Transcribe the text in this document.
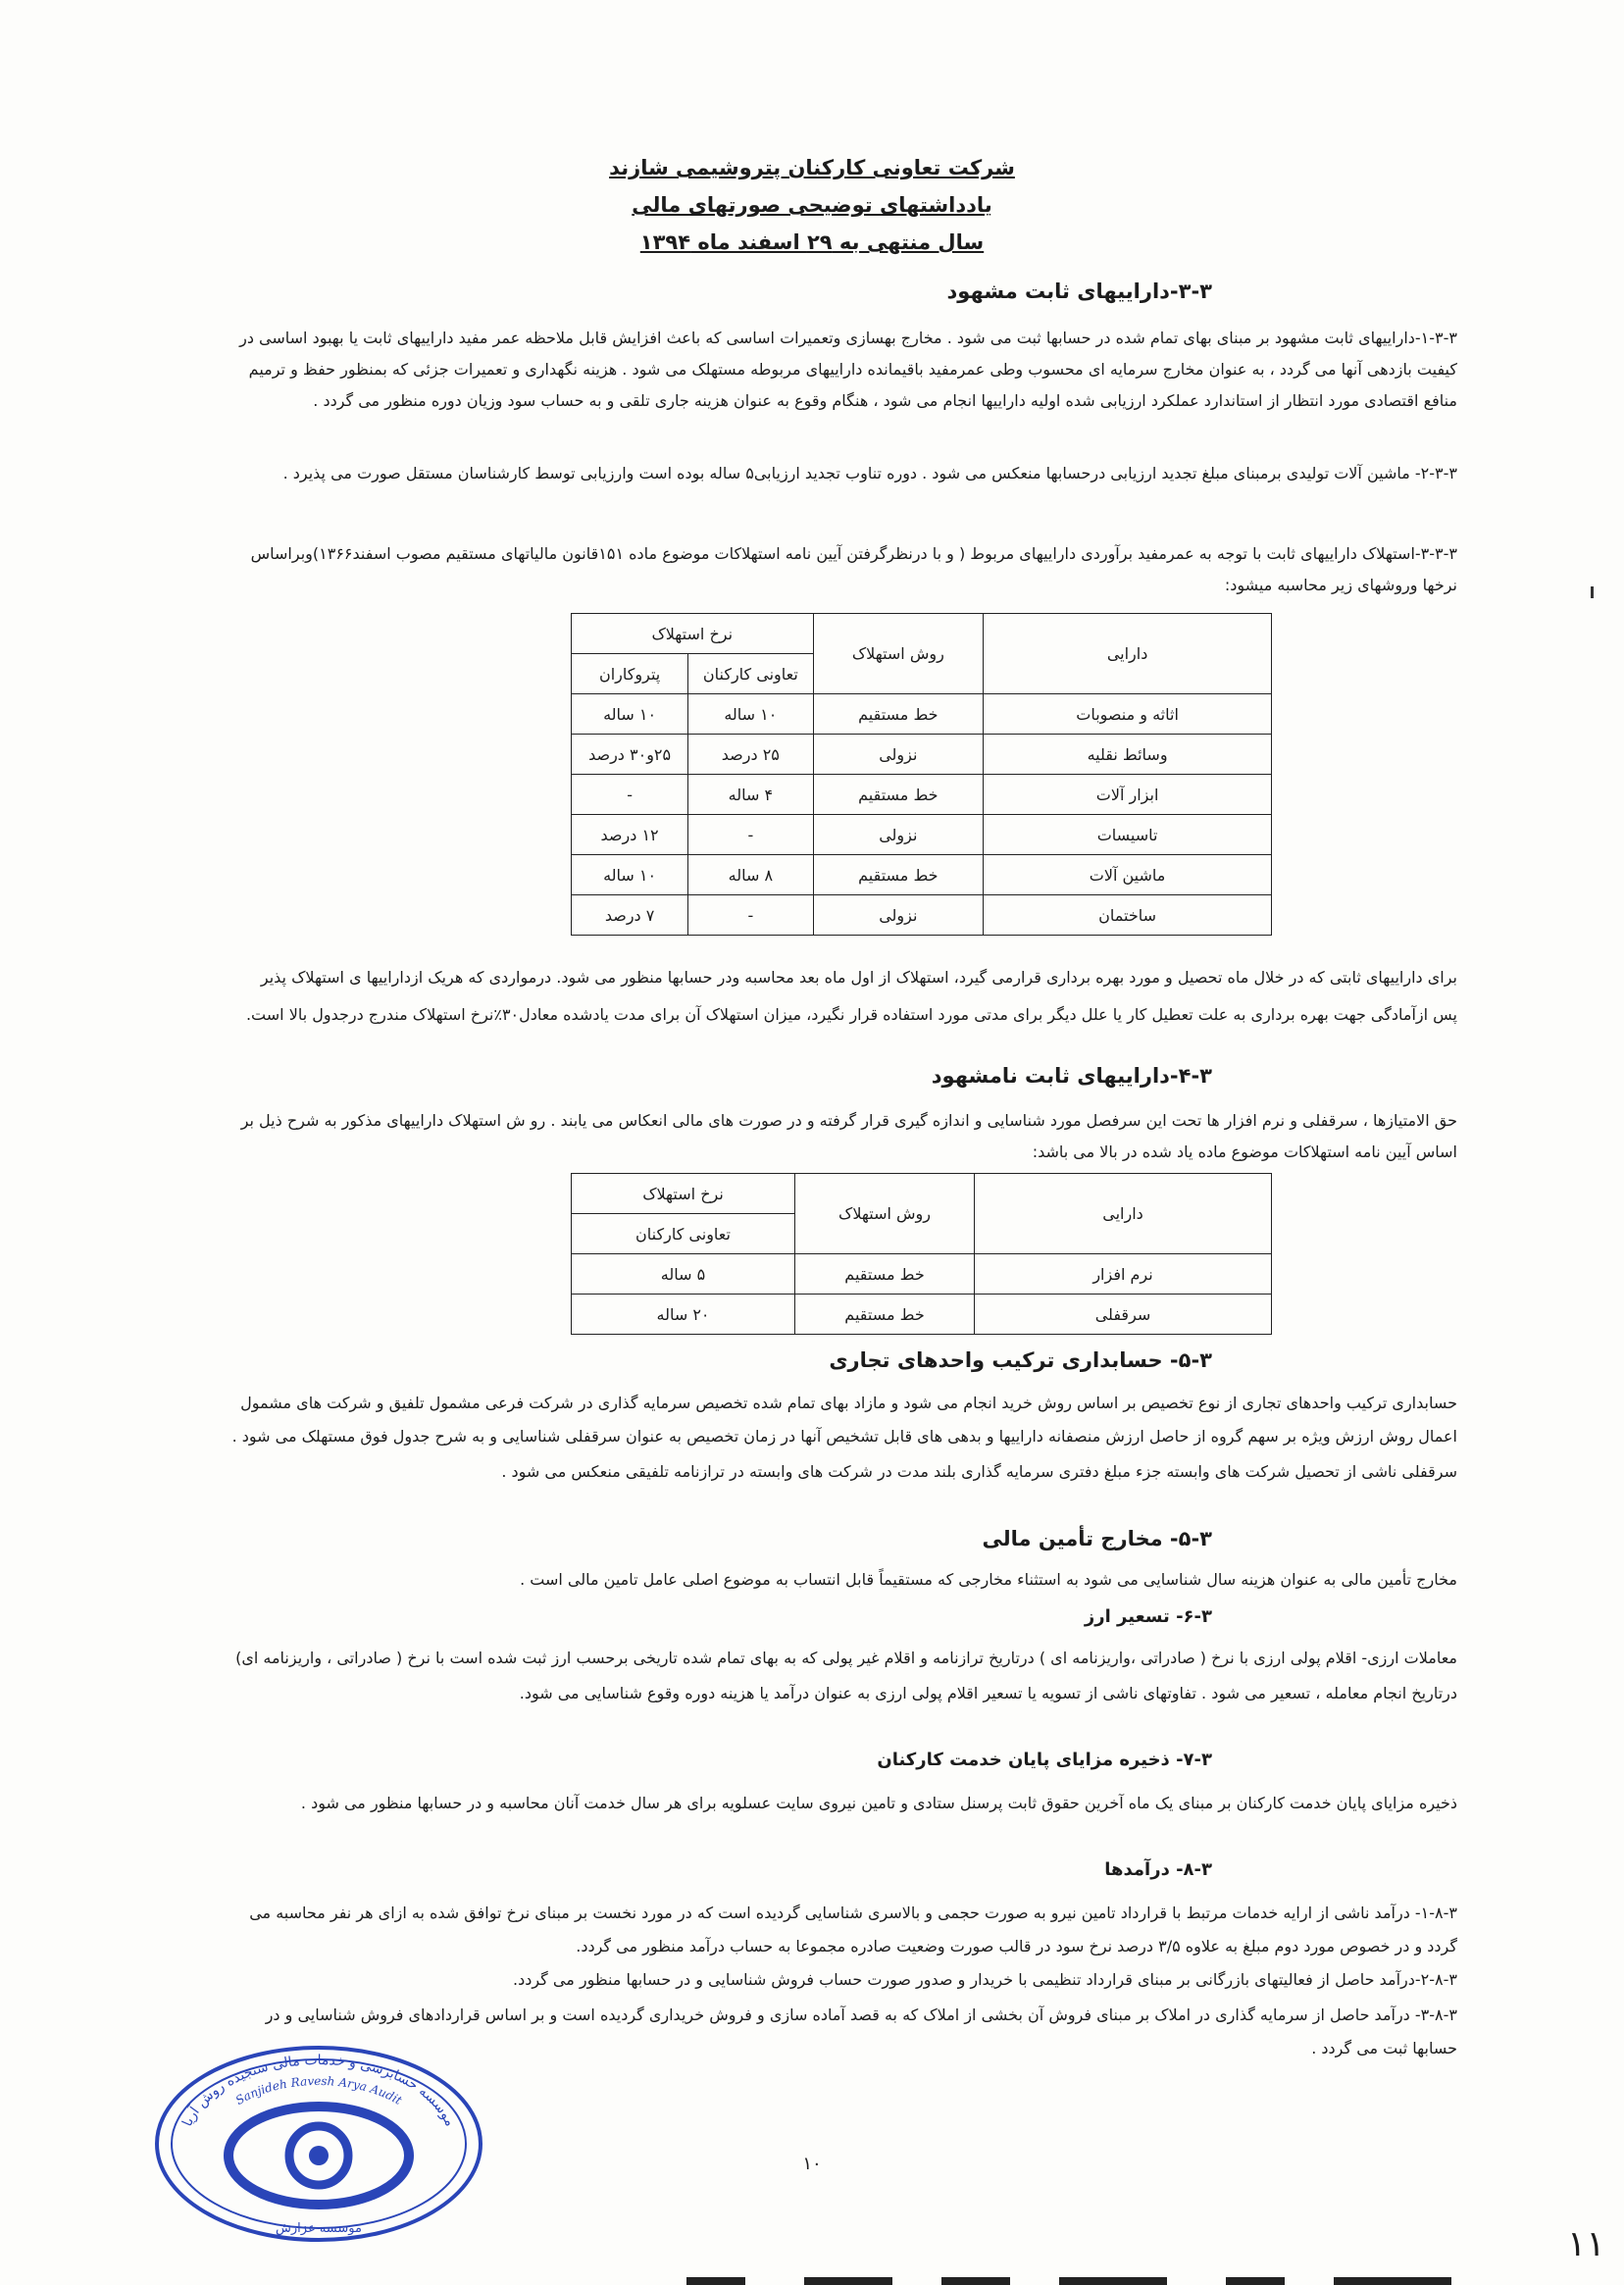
شرکت تعاونی کارکنان پتروشیمی شازند
یادداشتهای توضیحی صورتهای مالی
سال منتهی به ۲۹ اسفند ماه ۱۳۹۴
۳-۳-دارایيهای ثابت مشهود
۱-۳-۳-دارایيهای ثابت مشهود بر مبنای بهای تمام شده در حسابها ثبت می شود . مخارج بهسازی وتعمیرات اساسی که باعث افزایش قابل ملاحظه عمر مفید دارایيهای ثابت یا بهبود اساسی در
کیفیت بازدهی آنها می گردد ، به عنوان مخارج سرمایه ای محسوب وطی عمرمفید باقیمانده دارایيهای مربوطه مستهلک می شود . هزینه نگهداری و تعمیرات جزئی که بمنظور حفظ و ترمیم
منافع اقتصادی مورد انتظار از استاندارد عملکرد ارزیابی شده اولیه دارایيها انجام می شود ، هنگام وقوع به عنوان هزینه جاری تلقی و به حساب سود وزیان دوره منظور می گردد .
۲-۳-۳- ماشین آلات تولیدی برمبنای مبلغ تجدید ارزیابی درحسابها منعکس می شود . دوره تناوب تجدید ارزیابی۵ ساله بوده است وارزیابی توسط کارشناسان مستقل صورت می پذیرد .
۳-۳-۳-استهلاک دارایيهای ثابت با توجه به عمرمفید برآوردی دارایيهای مربوط ( و با درنظرگرفتن آیین نامه استهلاکات موضوع ماده ۱۵۱قانون مالیاتهای مستقیم مصوب اسفند۱۳۶۶)وبراساس
نرخها وروشهای زیر محاسبه میشود:
دارایی	روش استهلاک	نرخ استهلاک	
		تعاونی کارکنان	پتروکاران
اثاثه و منصوبات	خط مستقیم	۱۰ ساله	۱۰ ساله
وسائط نقلیه	نزولی	۲۵ درصد	۲۵و۳۰ درصد
ابزار آلات	خط مستقیم	۴ ساله	-
تاسیسات	نزولی	-	۱۲ درصد
ماشین آلات	خط مستقیم	۸ ساله	۱۰ ساله
ساختمان	نزولی	-	۷ درصد
برای دارایيهای ثابتی که در خلال ماه تحصیل و مورد بهره برداری قرارمی گیرد، استهلاک از اول ماه بعد محاسبه ودر حسابها منظور می شود. درمواردی که هریک ازدارایيها ی استهلاک پذیر
پس ازآمادگی جهت بهره برداری به علت تعطیل کار یا علل دیگر برای مدتی مورد استفاده قرار نگیرد، میزان استهلاک آن برای مدت یادشده معادل۳۰٪نرخ استهلاک مندرج درجدول بالا است.
۴-۳-دارایيهای ثابت نامشهود
حق الامتیازها ، سرقفلی و نرم افزار ها تحت این سرفصل مورد شناسایی و اندازه گیری قرار گرفته و در صورت های مالی انعکاس می یابند . رو ش استهلاک دارایيهای مذکور به شرح ذیل بر
اساس آیین نامه استهلاکات موضوع ماده یاد شده در بالا می باشد:
دارایی	روش استهلاک	نرخ استهلاک
		تعاونی کارکنان
نرم افزار	خط مستقیم	۵ ساله
سرقفلی	خط مستقیم	۲۰ ساله
۵-۳- حسابداری ترکیب واحدهای تجاری
حسابداری ترکیب واحدهای تجاری از نوع تخصیص بر اساس روش خرید انجام می شود و مازاد بهای تمام شده تخصیص سرمایه گذاری در شرکت فرعی مشمول تلفیق و شرکت های مشمول
اعمال روش ارزش ویژه بر سهم گروه از حاصل ارزش منصفانه دارایيها و بدهی های قابل تشخیص آنها در زمان تخصیص به عنوان سرقفلی شناسایی و به شرح جدول فوق مستهلک می شود .
سرقفلی ناشی از تحصیل شرکت های وابسته جزء مبلغ دفتری سرمایه گذاری بلند مدت در شرکت های وابسته در ترازنامه تلفیقی منعکس می شود .
۵-۳- مخارج تأمین مالی
مخارج تأمین مالی به عنوان هزینه سال شناسایی می شود به استثناء مخارجی که مستقیماً قابل انتساب به موضوع اصلی عامل تامین مالی است .
۶-۳- تسعیر ارز
معاملات ارزی- اقلام پولی ارزی با نرخ ( صادراتی ،واریزنامه ای ) درتاریخ ترازنامه و اقلام غیر پولی که به بهای تمام شده تاریخی برحسب ارز ثبت شده است با نرخ ( صادراتی ، واریزنامه ای)
درتاریخ انجام معامله ، تسعیر می شود . تفاوتهای ناشی از تسویه یا تسعیر اقلام پولی ارزی به عنوان درآمد یا هزینه دوره وقوع شناسایی می شود.
۷-۳- ذخیره مزایای پایان خدمت کارکنان
ذخیره مزایای پایان خدمت کارکنان بر مبنای یک ماه آخرین حقوق ثابت پرسنل ستادی و تامین نیروی سایت عسلویه برای هر سال خدمت آنان محاسبه و در حسابها منظور می شود .
۸-۳- درآمدها
۱-۸-۳- درآمد ناشی از ارایه خدمات مرتبط با قرارداد تامین نیرو به صورت حجمی و بالاسری شناسایی گردیده است که در مورد نخست بر مبنای نرخ توافق شده به ازای هر نفر محاسبه می
گردد و در خصوص مورد دوم مبلغ به علاوه ۳/۵ درصد نرخ سود در قالب صورت وضعیت صادره مجموعا به حساب درآمد منظور می گردد.
۲-۸-۳-درآمد حاصل از فعالیتهای بازرگانی بر مبنای قرارداد تنظیمی با خریدار و صدور صورت حساب فروش شناسایی و در حسابها منظور می گردد.
۳-۸-۳- درآمد حاصل از سرمایه گذاری در املاک بر مبنای فروش آن بخشی از املاک که به قصد آماده سازی و فروش خریداری گردیده است و بر اساس قراردادهای فروش شناسایی و در
حسابها ثبت می گردد .
موسسه حسابرسی و خدمات مالی سنجیده روش آریا
Sanjideh Ravesh Arya Audit
موسسه عزارش
۱۰
۱۱
